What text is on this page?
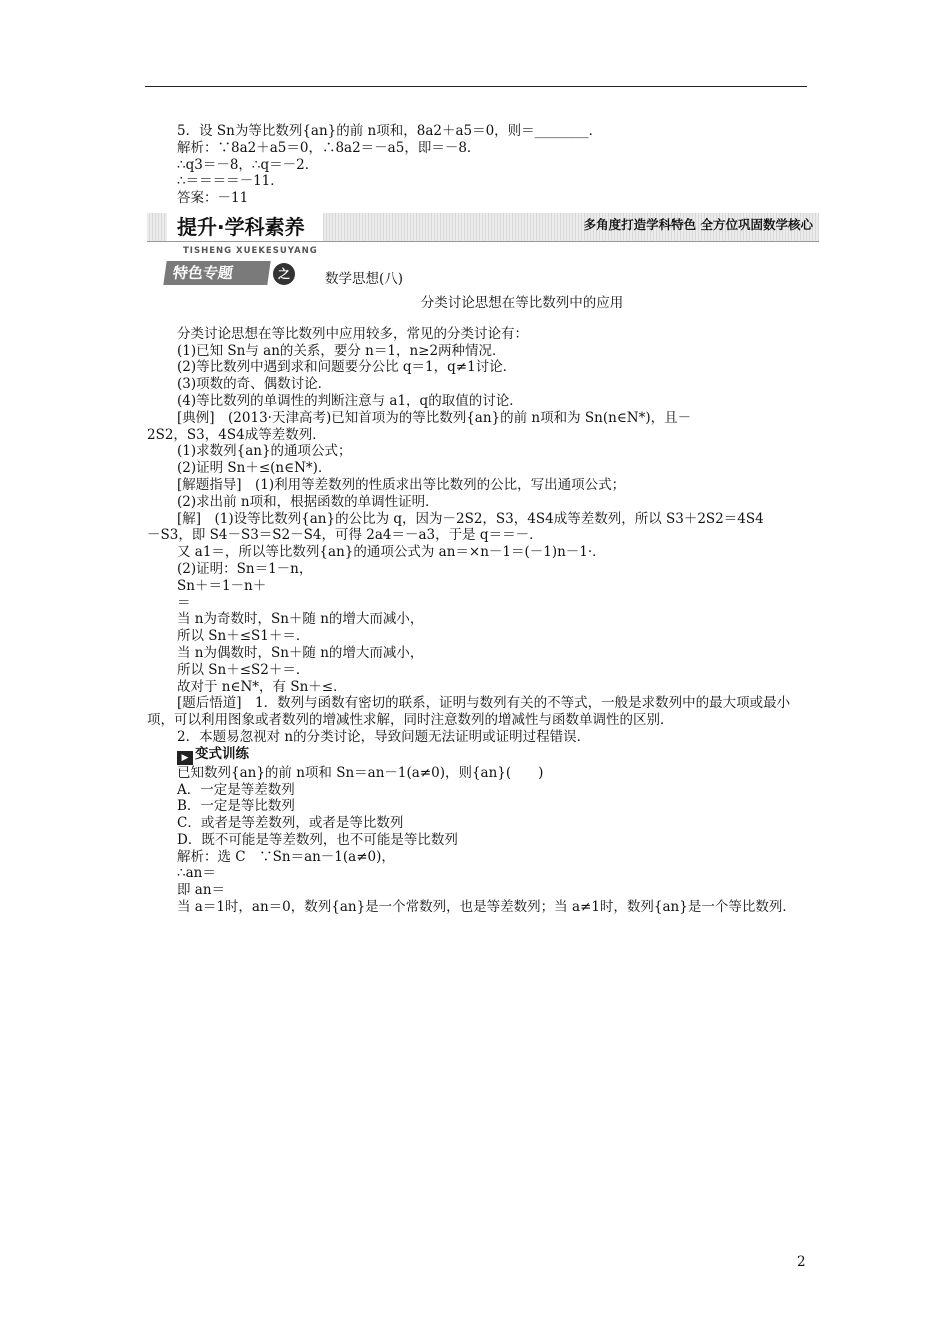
5．设 Sn为等比数列{an}的前 n项和，8a2＋a5＝0，则＝________．
解析：∵8a2＋a5＝0，∴8a2＝－a5，即＝－8．
∴q3＝－8，∴q＝－2．
∴＝＝＝＝－11．
答案：－11
提升·学科素养	多角度打造学科特色 全方位巩固数学核心
TISHENG XUEKESUYANG
特色专题	之	数学思想(八)
分类讨论思想在等比数列中的应用
分类讨论思想在等比数列中应用较多，常见的分类讨论有：
(1)已知 Sn与 an的关系，要分 n＝1，n≥2两种情况．
(2)等比数列中遇到求和问题要分公比 q＝1，q≠1讨论．
(3)项数的奇、偶数讨论．
(4)等比数列的单调性的判断注意与 a1，q的取值的讨论．
[典例]　(2013·天津高考)已知首项为的等比数列{an}的前 n项和为 Sn(n∈N*)，且－
2S2，S3，4S4成等差数列．
(1)求数列{an}的通项公式；
(2)证明 Sn＋≤(n∈N*)．
[解题指导]　(1)利用等差数列的性质求出等比数列的公比，写出通项公式；
(2)求出前 n项和，根据函数的单调性证明．
[解]　(1)设等比数列{an}的公比为 q，因为－2S2，S3，4S4成等差数列，所以 S3＋2S2＝4S4
－S3，即 S4－S3＝S2－S4，可得 2a4＝－a3，于是 q＝＝－．
又 a1＝，所以等比数列{an}的通项公式为 an＝×n－1＝(－1)n－1·．
(2)证明：Sn＝1－n，
Sn＋＝1－n＋
＝
当 n为奇数时，Sn＋随 n的增大而减小，
所以 Sn＋≤S1＋＝．
当 n为偶数时，Sn＋随 n的增大而减小，
所以 Sn＋≤S2＋＝．
故对于 n∈N*，有 Sn＋≤．
[题后悟道]　1．数列与函数有密切的联系，证明与数列有关的不等式，一般是求数列中的最大项或最小项，可以利用图象或者数列的增减性求解，同时注意数列的增减性与函数单调性的区别．
2．本题易忽视对 n的分类讨论，导致问题无法证明或证明过程错误．
▶ 变式训练
已知数列{an}的前 n项和 Sn＝an－1(a≠0)，则{an}(　　)
A．一定是等差数列
B．一定是等比数列
C．或者是等差数列，或者是等比数列
D．既不可能是等差数列，也不可能是等比数列
解析：选 C　∵Sn＝an－1(a≠0)，
∴an＝
即 an＝
当 a＝1时，an＝0，数列{an}是一个常数列，也是等差数列；当 a≠1时，数列{an}是一个等比数列．
2
